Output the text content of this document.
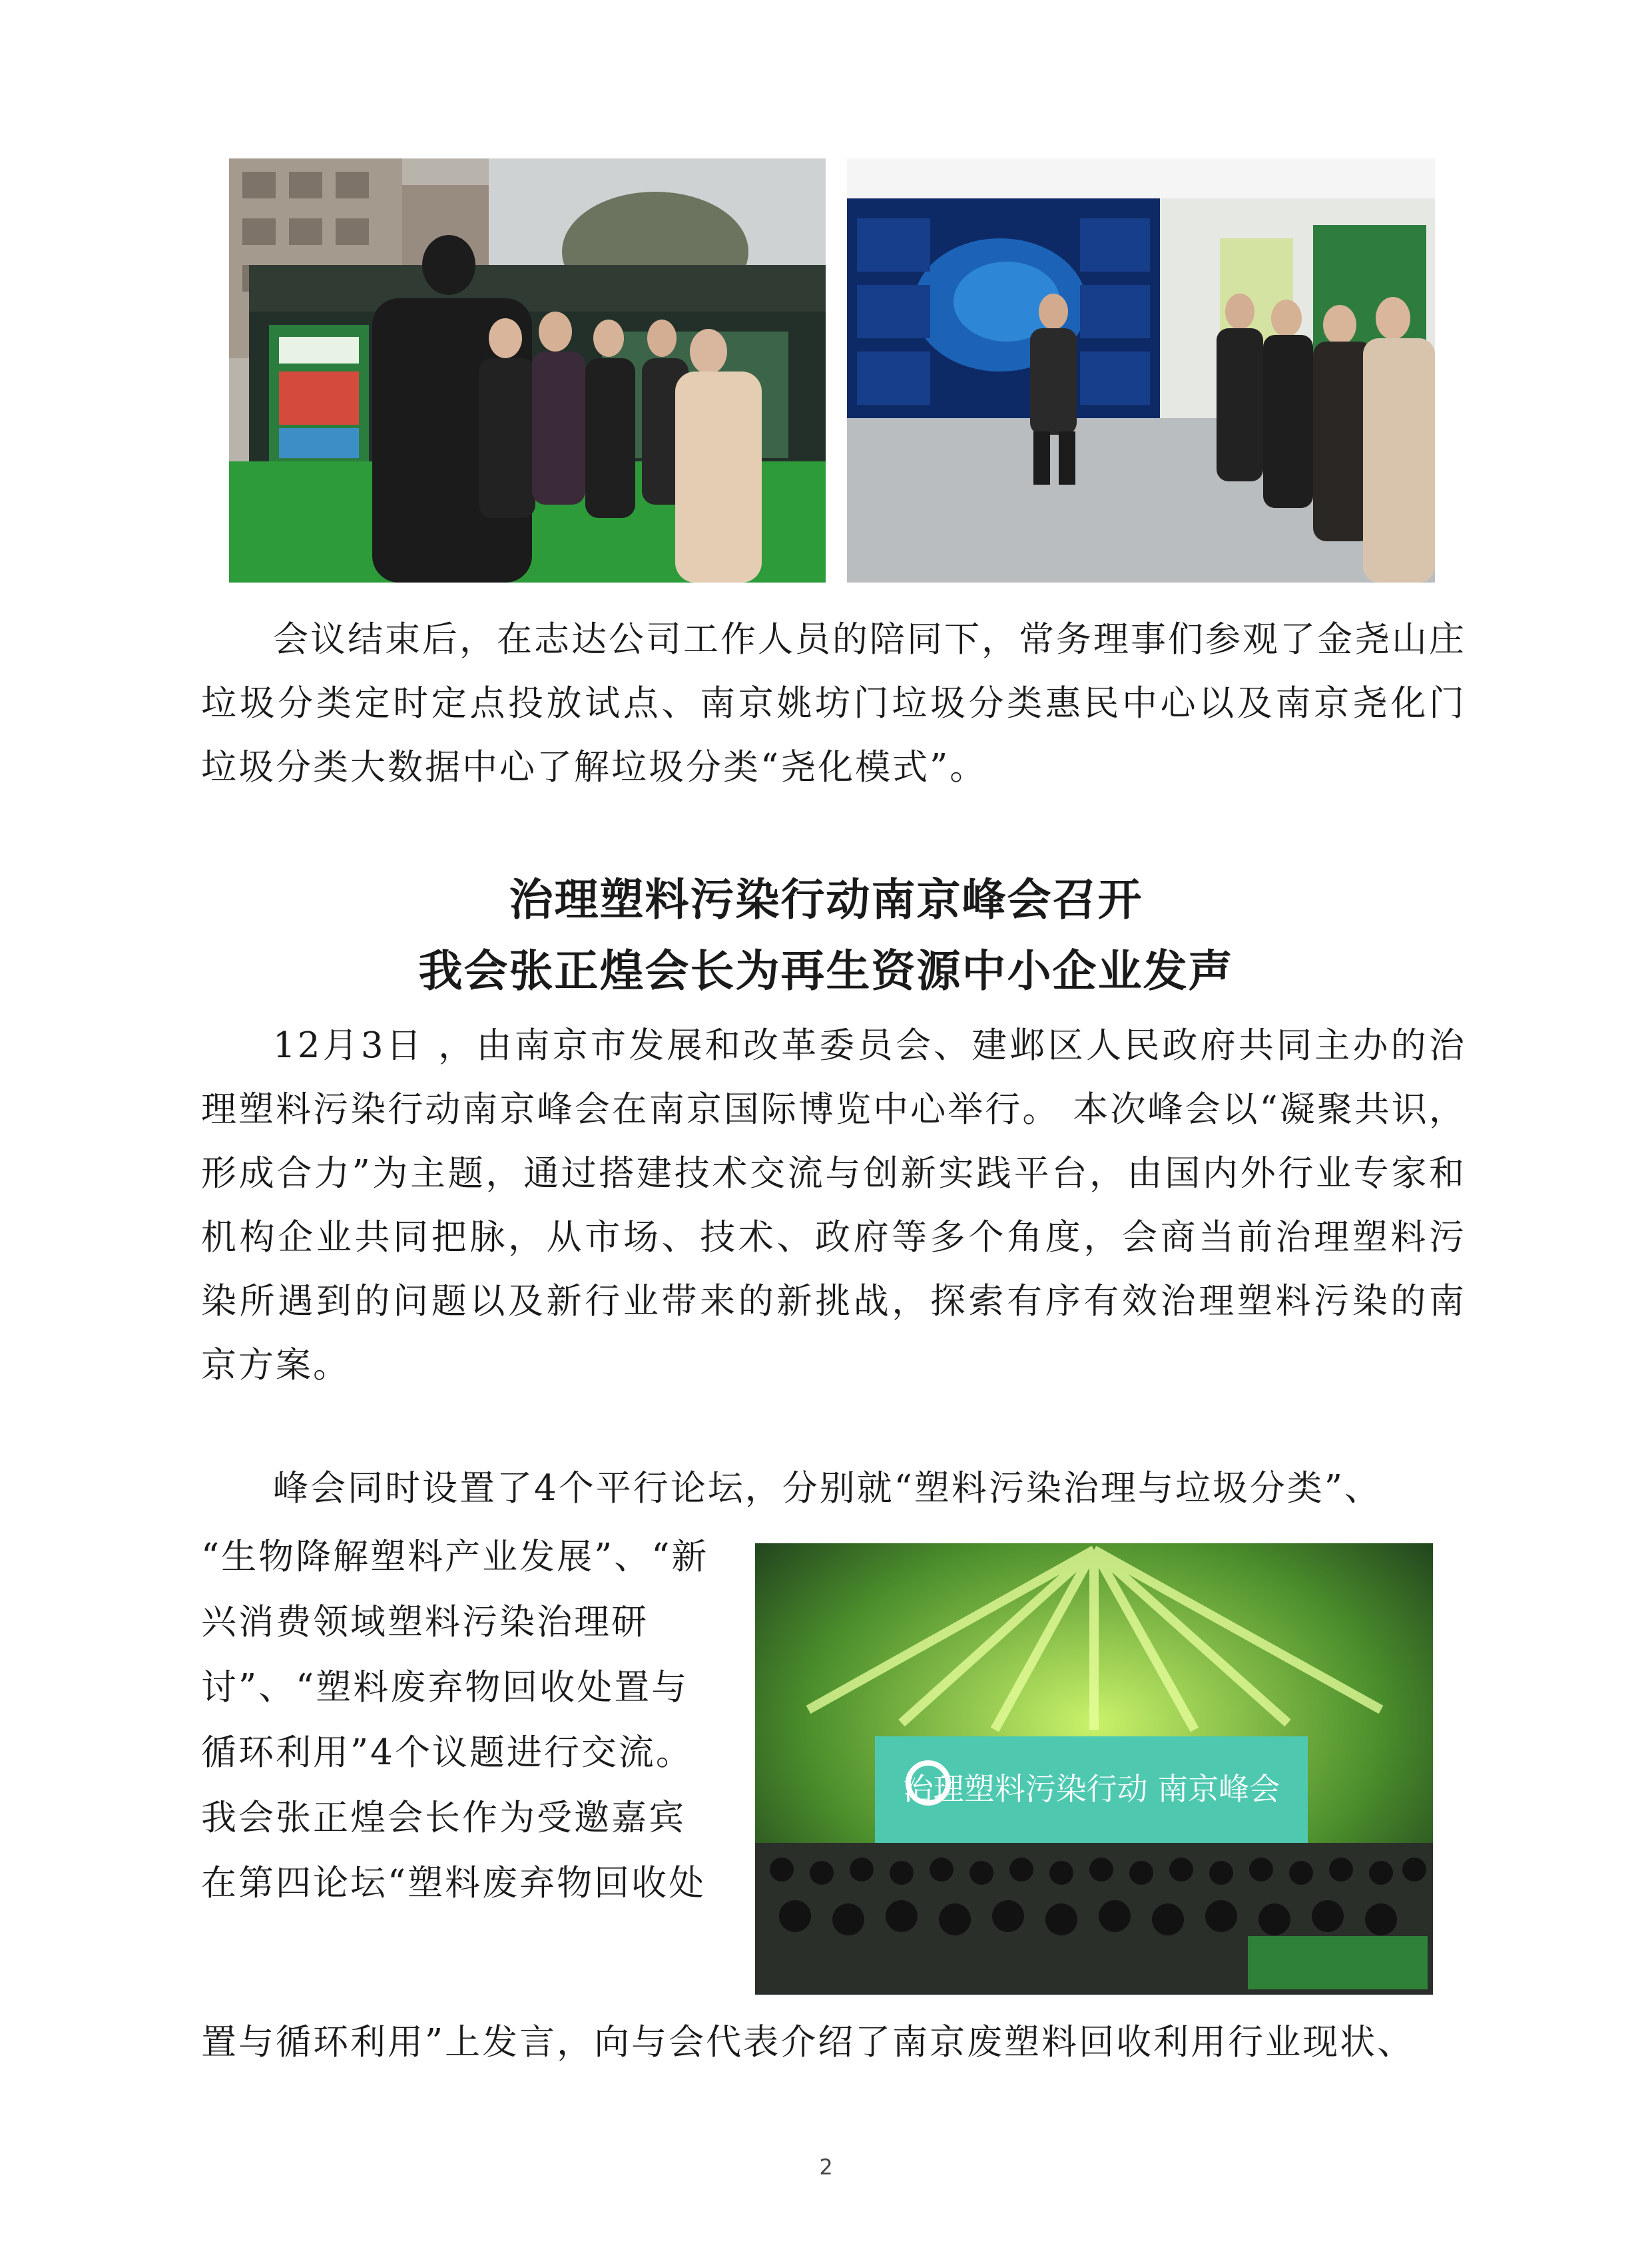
会议结束后，在志达公司工作人员的陪同下，常务理事们参观了金尧山庄垃圾分类定时定点投放试点、南京姚坊门垃圾分类惠民中心以及南京尧化门垃圾分类大数据中心了解垃圾分类“尧化模式”。

治理塑料污染行动南京峰会召开
我会张正煌会长为再生资源中小企业发声

12月3日 ，由南京市发展和改革委员会、建邺区人民政府共同主办的治理塑料污染行动南京峰会在南京国际博览中心举行。 本次峰会以“凝聚共识，形成合力”为主题，通过搭建技术交流与创新实践平台，由国内外行业专家和机构企业共同把脉，从市场、技术、政府等多个角度，会商当前治理塑料污染所遇到的问题以及新行业带来的新挑战，探索有序有效治理塑料污染的南京方案。

峰会同时设置了4个平行论坛，分别就“塑料污染治理与垃圾分类”、

“生物降解塑料产业发展”、“新
兴消费领域塑料污染治理研
讨”、“塑料废弃物回收处置与
循环利用”4个议题进行交流。
我会张正煌会长作为受邀嘉宾
在第四论坛“塑料废弃物回收处
治理塑料污染行动 南京峰会

置与循环利用”上发言，向与会代表介绍了南京废塑料回收利用行业现状、

2
